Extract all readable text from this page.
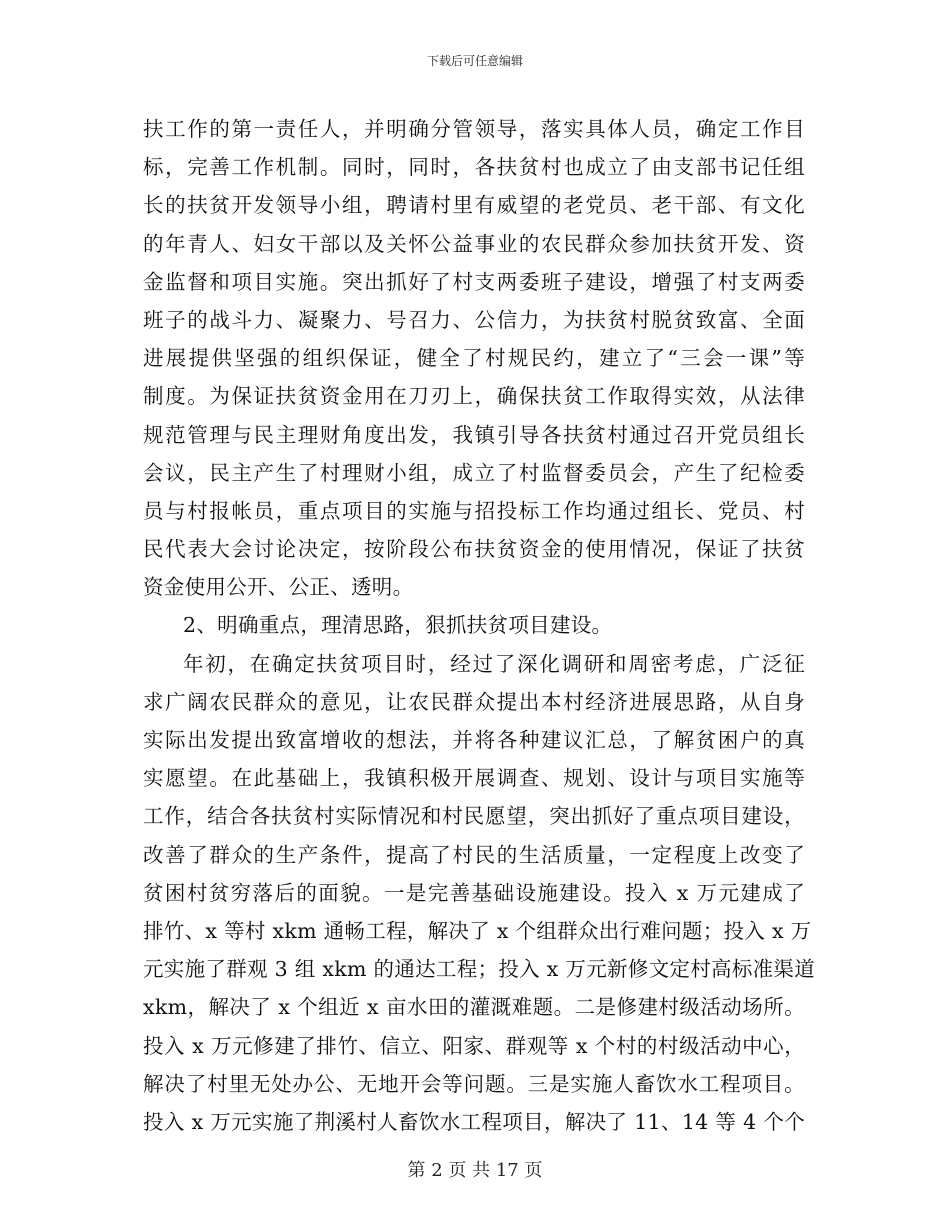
下载后可任意编辑
扶工作的第一责任人，并明确分管领导，落实具体人员，确定工作目
标，完善工作机制。同时，同时，各扶贫村也成立了由支部书记任组
长的扶贫开发领导小组，聘请村里有威望的老党员、老干部、有文化
的年青人、妇女干部以及关怀公益事业的农民群众参加扶贫开发、资
金监督和项目实施。突出抓好了村支两委班子建设，增强了村支两委
班子的战斗力、凝聚力、号召力、公信力，为扶贫村脱贫致富、全面
进展提供坚强的组织保证，健全了村规民约，建立了“三会一课”等
制度。为保证扶贫资金用在刀刃上，确保扶贫工作取得实效，从法律
规范管理与民主理财角度出发，我镇引导各扶贫村通过召开党员组长
会议，民主产生了村理财小组，成立了村监督委员会，产生了纪检委
员与村报帐员，重点项目的实施与招投标工作均通过组长、党员、村
民代表大会讨论决定，按阶段公布扶贫资金的使用情况，保证了扶贫
资金使用公开、公正、透明。
2、明确重点，理清思路，狠抓扶贫项目建设。
年初，在确定扶贫项目时，经过了深化调研和周密考虑，广泛征
求广阔农民群众的意见，让农民群众提出本村经济进展思路，从自身
实际出发提出致富增收的想法，并将各种建议汇总，了解贫困户的真
实愿望。在此基础上，我镇积极开展调查、规划、设计与项目实施等
工作，结合各扶贫村实际情况和村民愿望，突出抓好了重点项目建设，
改善了群众的生产条件，提高了村民的生活质量，一定程度上改变了
贫困村贫穷落后的面貌。一是完善基础设施建设。投入 x 万元建成了
排竹、x 等村 xkm 通畅工程，解决了 x 个组群众出行难问题；投入 x 万
元实施了群观 3 组 xkm 的通达工程；投入 x 万元新修文定村高标准渠道
xkm，解决了 x 个组近 x 亩水田的灌溉难题。二是修建村级活动场所。
投入 x 万元修建了排竹、信立、阳家、群观等 x 个村的村级活动中心，
解决了村里无处办公、无地开会等问题。三是实施人畜饮水工程项目。
投入 x 万元实施了荆溪村人畜饮水工程项目，解决了 11、14 等 4 个个
第 2 页 共 17 页
